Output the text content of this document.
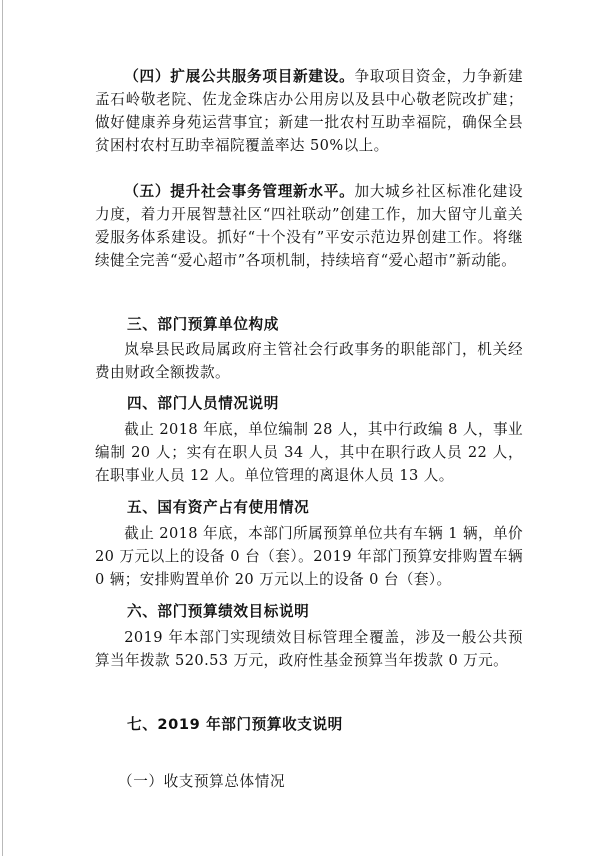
（四）扩展公共服务项目新建设。争取项目资金，力争新建孟石岭敬老院、佐龙金珠店办公用房以及县中心敬老院改扩建；做好健康养身苑运营事宜；新建一批农村互助幸福院，确保全县贫困村农村互助幸福院覆盖率达 50%以上。

（五）提升社会事务管理新水平。加大城乡社区标准化建设力度，着力开展智慧社区“四社联动”创建工作，加大留守儿童关爱服务体系建设。抓好“十个没有”平安示范边界创建工作。将继续健全完善“爱心超市”各项机制，持续培育“爱心超市”新动能。

三、部门预算单位构成

岚皋县民政局属政府主管社会行政事务的职能部门，机关经费由财政全额拨款。

四、部门人员情况说明

截止 2018 年底，单位编制 28 人，其中行政编 8 人，事业编制 20 人；实有在职人员 34 人，其中在职行政人员 22 人，在职事业人员 12 人。单位管理的离退休人员 13 人。

五、国有资产占有使用情况

截止 2018 年底，本部门所属预算单位共有车辆 1 辆，单价 20 万元以上的设备 0 台（套）。2019 年部门预算安排购置车辆 0 辆；安排购置单价 20 万元以上的设备 0 台（套）。

六、部门预算绩效目标说明

2019 年本部门实现绩效目标管理全覆盖，涉及一般公共预算当年拨款 520.53 万元，政府性基金预算当年拨款 0 万元。

七、2019 年部门预算收支说明

（一）收支预算总体情况
